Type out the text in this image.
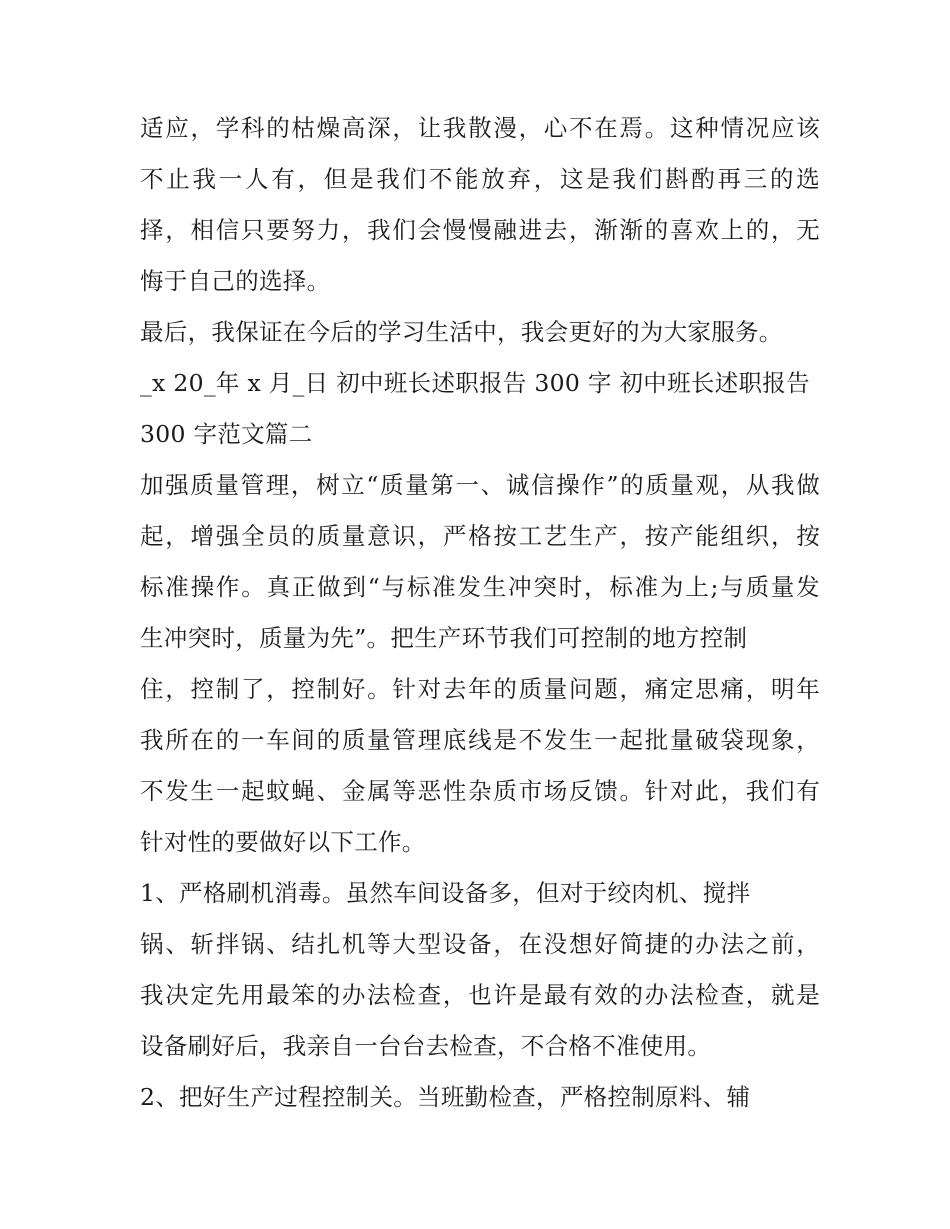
适应，学科的枯燥高深，让我散漫，心不在焉。这种情况应该
不止我一人有，但是我们不能放弃，这是我们斟酌再三的选
择，相信只要努力，我们会慢慢融进去，渐渐的喜欢上的，无
悔于自己的选择。
最后，我保证在今后的学习生活中，我会更好的为大家服务。
_x 20_年 x 月_日 初中班长述职报告 300 字 初中班长述职报告
300 字范文篇二
加强质量管理，树立“质量第一、诚信操作”的质量观，从我做
起，增强全员的质量意识，严格按工艺生产，按产能组织，按
标准操作。真正做到“与标准发生冲突时，标准为上;与质量发
生冲突时，质量为先”。把生产环节我们可控制的地方控制
住，控制了，控制好。针对去年的质量问题，痛定思痛，明年
我所在的一车间的质量管理底线是不发生一起批量破袋现象，
不发生一起蚊蝇、金属等恶性杂质市场反馈。针对此，我们有
针对性的要做好以下工作。
1、严格刷机消毒。虽然车间设备多，但对于绞肉机、搅拌
锅、斩拌锅、结扎机等大型设备，在没想好简捷的办法之前，
我决定先用最笨的办法检查，也许是最有效的办法检查，就是
设备刷好后，我亲自一台台去检查，不合格不准使用。
2、把好生产过程控制关。当班勤检查，严格控制原料、辅
